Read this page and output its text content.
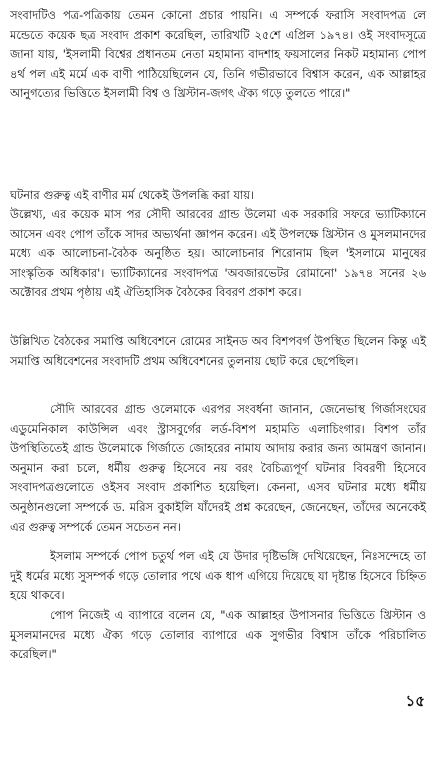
সংবাদটিও পত্র-পত্রিকায় তেমন কোনো প্রচার পায়নি। এ সম্পর্কে ফরাসি সংবাদপত্র লে মন্ডেতে কয়েক ছত্র সংবাদ প্রকাশ করেছিল, তারিখটি ২৫শে এপ্রিল ১৯৭৪। ওই সংবাদসূত্রে জানা যায়, 'ইসলামী বিশ্বের প্রধানতম নেতা মহামান্য বাদশাহ ফয়সালের নিকট মহামান্য পোপ ৪র্থ পল এই মর্মে এক বাণী পাঠিয়েছিলেন যে, তিনি গভীরভাবে বিশ্বাস করেন, এক আল্লাহর আনুগত্যের ভিত্তিতে ইসলামী বিশ্ব ও খ্রিস্টান-জগৎ ঐক্য গড়ে তুলতে পারে।"
ঘটনার গুরুত্ব এই বাণীর মর্ম থেকেই উপলব্ধি করা যায়।
উল্লেখ্য, এর কয়েক মাস পর সৌদী আরবের গ্রান্ড উলেমা এক সরকারি সফরে ভ্যাটিক্যানে আসেন এবং পোপ তাঁকে সাদর অভ্যর্থনা জ্ঞাপন করেন। এই উপলক্ষে খ্রিস্টান ও মুসলমানদের মধ্যে এক আলোচনা-বৈঠক অনুষ্ঠিত হয়। আলোচনার শিরোনাম ছিল 'ইসলামে মানুষের সাংস্কৃতিক অধিকার'। ভ্যাটিক্যানের সংবাদপত্র 'অবজারভেটর রোমানো' ১৯৭৪ সনের ২৬ অক্টোবর প্রথম পৃষ্ঠায় এই ঐতিহাসিক বৈঠকের বিবরণ প্রকাশ করে।
উল্লিখিত বৈঠকের সমাপ্তি অধিবেশনে রোমের সাইনড অব বিশপবর্গ উপস্থিত ছিলেন কিন্তু এই সমাপ্তি অধিবেশনের সংবাদটি প্রথম অধিবেশনের তুলনায় ছোট করে ছেপেছিল।
সৌদি আরবের গ্রান্ড ওলেমাকে এরপর সংবর্ধনা জানান, জেনেভাস্থ গির্জাসংঘের এডুমেনিকাল কাউন্সিল এবং স্ট্রাসবুর্গের লর্ড-বিশপ মহামতি এলাচিংগার। বিশপ তাঁর উপস্থিতিতেই গ্রান্ড উলেমাকে গির্জাতে জোহরের নামায আদায় করার জন্য আমন্ত্রণ জানান। অনুমান করা চলে, ধর্মীয় গুরুত্ব হিসেবে নয় বরং বৈচিত্র্যপূর্ণ ঘটনার বিবরণী হিসেবে সংবাদপত্রগুলোতে ওইসব সংবাদ প্রকাশিত হয়েছিল। কেননা, এসব ঘটনার মধ্যে ধর্মীয় অনুষ্ঠানগুলো সম্পর্কে ড. মরিস বুকাইলি যাঁদেরই প্রশ্ন করেছেন, জেনেছেন, তাঁদের অনেকেই এর গুরুত্ব সম্পর্কে তেমন সচেতন নন।
ইসলাম সম্পর্কে পোপ চতুর্থ পল এই যে উদার দৃষ্টিভঙ্গি দেখিয়েছেন, নিঃসন্দেহে তা দুই ধর্মের মধ্যে সুসম্পর্ক গড়ে তোলার পথে এক ধাপ এগিয়ে দিয়েছে যা দৃষ্টান্ত হিসেবে চিহ্নিত হয়ে থাকবে।
পোপ নিজেই এ ব্যাপারে বলেন যে, "এক আল্লাহর উপাসনার ভিত্তিতে খ্রিস্টান ও মুসলমানদের মধ্যে ঐক্য গড়ে তোলার ব্যাপারে এক সুগভীর বিশ্বাস তাঁকে পরিচালিত করেছিল।"
১৫
